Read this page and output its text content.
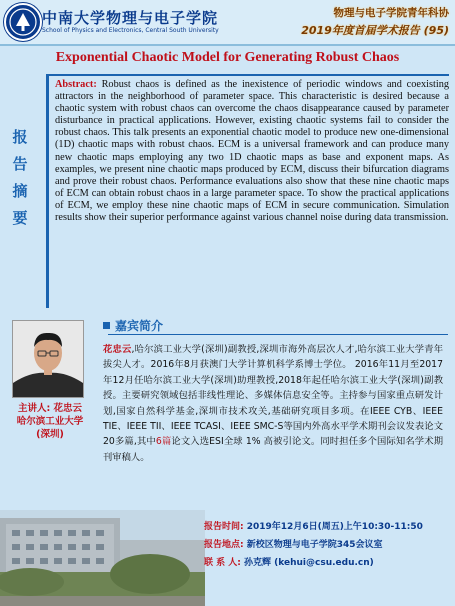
中南大学物理与电子学院
School of Physics and Electronics, Central South University
物理与电子学院青年科协
2019年度首届学术报告 (95)
Exponential Chaotic Model for Generating Robust Chaos
报
告
摘
要
Abstract: Robust chaos is defined as the inexistence of periodic windows and coexisting attractors in the neighborhood of parameter space. This characteristic is desired because a chaotic system with robust chaos can overcome the chaos disappearance caused by parameter disturbance in practical applications. However, existing chaotic systems fail to consider the robust chaos. This talk presents an exponential chaotic model to produce new one-dimensional (1D) chaotic maps with robust chaos. ECM is a universal framework and can produce many new chaotic maps employing any two 1D chaotic maps as base and exponent maps. As examples, we present nine chaotic maps produced by ECM, discuss their bifurcation diagrams and prove their robust chaos. Performance evaluations also show that these nine chaotic maps of ECM can obtain robust chaos in a large parameter space. To show the practical applications of ECM, we employ these nine chaotic maps of ECM in secure communication. Simulation results show their superior performance against various channel noise during data transmission.
主讲人: 花忠云
哈尔滨工业大学
(深圳)
嘉宾简介
花忠云,哈尔滨工业大学(深圳)副教授,深圳市海外高层次人才,哈尔滨工业大学青年拔尖人才。2016年8月获澳门大学计算机科学系博士学位。 2016年11月至2017年12月任哈尔滨工业大学(深圳)助理教授,2018年起任哈尔滨工业大学(深圳)副教授。主要研究领域包括非线性理论、多媒体信息安全等。主持参与国家重点研发计划,国家自然科学基金,深圳市技术攻关,基础研究项目多项。在IEEE CYB、IEEE TIE、IEEE TII、IEEE TCASI、IEEE SMC-S等国内外高水平学术期刊会议发表论文20多篇,其中6篇论文入选ESI全球 1% 高被引论文。同时担任多个国际知名学术期刊审稿人。
报告时间: 2019年12月6日(周五)上午10:30-11:50
报告地点: 新校区物理与电子学院345会议室
联 系 人: 孙克辉 (kehui@csu.edu.cn)
